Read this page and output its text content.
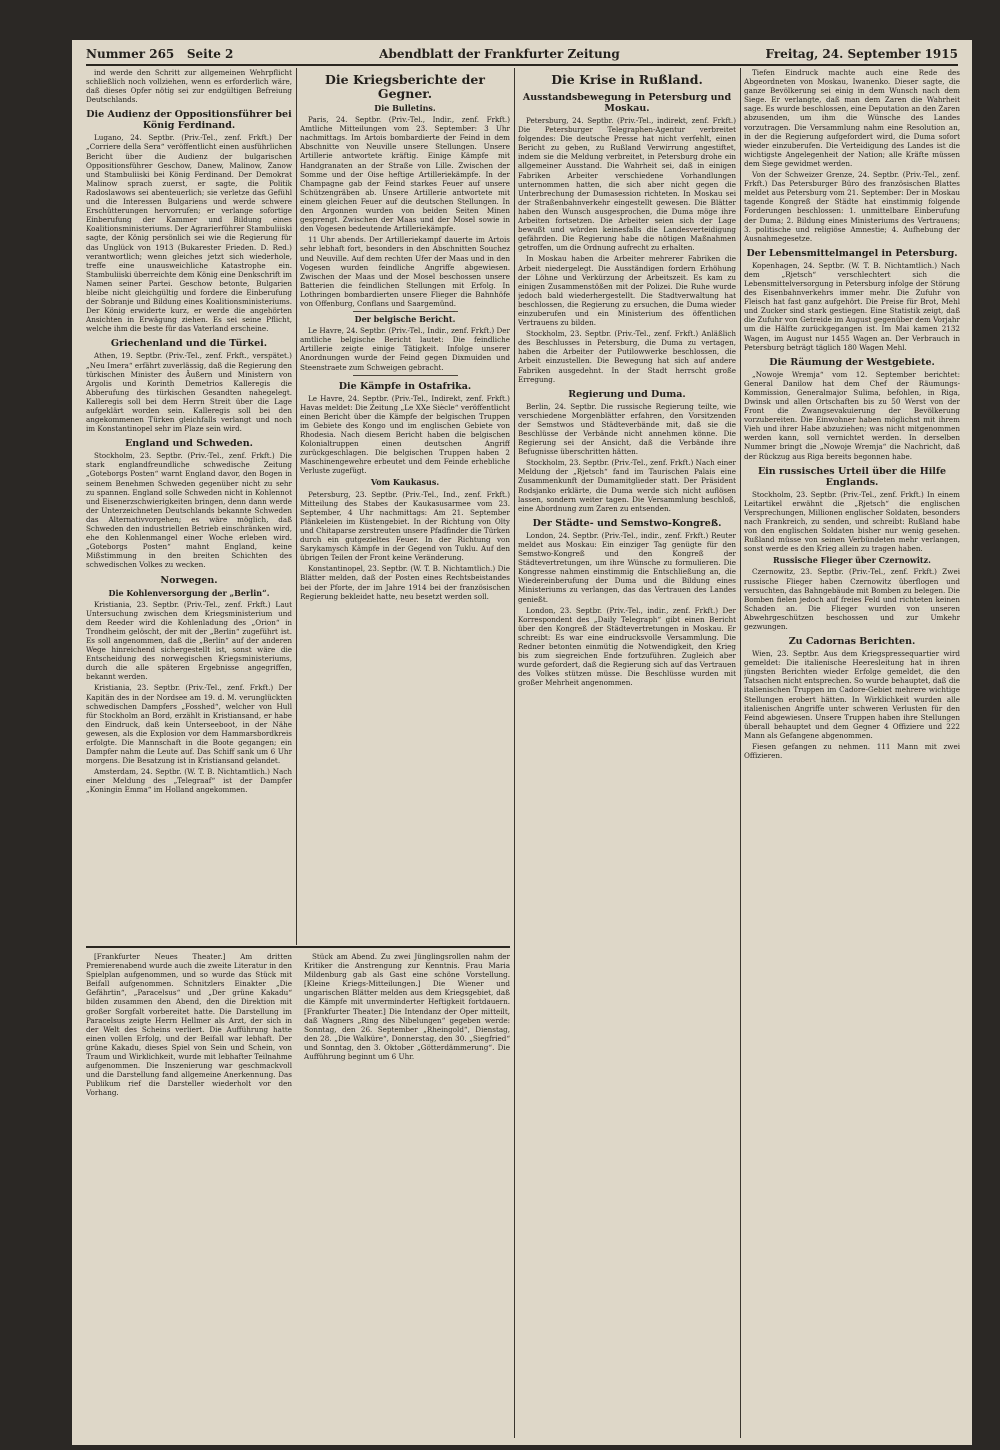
Nummer 265 Seite 2	Abendblatt der Frankfurter Zeitung	Freitag, 24. September 1915

ind werde den Schritt zur allgemeinen Wehrpflicht schließlich noch vollziehen, wenn es erforderlich wäre, daß dieses Opfer nötig sei zur endgültigen Befreiung Deutschlands.

Die Audienz der Oppositionsführer bei König Ferdinand.

Lugano, 24. Septbr. (Priv.-Tel., zenf. Frkft.) Der „Corriere della Sera“ veröffentlicht einen ausführlichen Bericht über die Audienz der bulgarischen Oppositionsführer Geschow, Danew, Malinow, Zanow und Stambuliiski bei König Ferdinand. Der Demokrat Malinow sprach zuerst, er sagte, die Politik Radoslawows sei abenteuerlich; sie verletze das Gefühl und die Interessen Bulgariens und werde schwere Erschütterungen hervorrufen; er verlange sofortige Einberufung der Kammer und Bildung eines Koalitionsministeriums. Der Agrarierführer Stambuliiski sagte, der König persönlich sei wie die Regierung für das Unglück von 1913 (Bukarester Frieden. D. Red.) verantwortlich; wenn gleiches jetzt sich wiederhole, treffe eine unausweichliche Katastrophe ein. Stambuliiski überreichte dem König eine Denkschrift im Namen seiner Partei. Geschow betonte, Bulgarien bleibe nicht gleichgültig und fordere die Einberufung der Sobranje und Bildung eines Koalitionsministeriums. Der König erwiderte kurz, er werde die angehörten Ansichten in Erwägung ziehen. Es sei seine Pflicht, welche ihm die beste für das Vaterland erscheine.

Griechenland und die Türkei.

Athen, 19. Septbr. (Priv.-Tel., zenf. Frkft., verspätet.) „Neu Imera“ erfährt zuverlässig, daß die Regierung den türkischen Minister des Äußern und Ministern von Argolis und Korinth Demetrios Kalleregis die Abberufung des türkischen Gesandten nahegelegt. Kalleregis soll bei dem Herrn Streit über die Lage aufgeklärt worden sein. Kalleregis soll bei den angekommenen Türken gleichfalls verlangt und noch im Konstantinopel sehr im Plaze sein wird.

England und Schweden.

Stockholm, 23. Septbr. (Priv.-Tel., zenf. Frkft.) Die stark englandfreundliche schwedische Zeitung „Goteborgs Posten“ warnt England davor, den Bogen in seinem Benehmen Schweden gegenüber nicht zu sehr zu spannen. England solle Schweden nicht in Kohlennot und Eisenerzschwierigkeiten bringen, denn dann werde der Unterzeichneten Deutschlands bekannte Schweden das Alternativvorgehen; es wäre möglich, daß Schweden den industriellen Betrieb einschränken wird, ehe den Kohlenmangel einer Woche erleben wird. „Goteborgs Posten“ mahnt England, keine Mißstimmung in den breiten Schichten des schwedischen Volkes zu wecken.

Norwegen.
Die Kohlenversorgung der „Berlin“.

Kristiania, 23. Septbr. (Priv.-Tel., zenf. Frkft.) Laut Untersuchung zwischen dem Kriegsministerium und dem Reeder wird die Kohlenladung des „Orion“ in Trondheim gelöscht, der mit der „Berlin“ zugeführt ist. Es soll angenommen, daß die „Berlin“ auf der anderen Wege hinreichend sichergestellt ist, sonst wäre die Entscheidung des norwegischen Kriegsministeriums, durch die alle späteren Ergebnisse angegriffen, bekannt werden.

Kristiania, 23. Septbr. (Priv.-Tel., zenf. Frkft.) Der Kapitän des in der Nordsee am 19. d. M. verunglückten schwedischen Dampfers „Fosshed“, welcher von Hull für Stockholm an Bord, erzählt in Kristiansand, er habe den Eindruck, daß kein Unterseeboot, in der Nähe gewesen, als die Explosion vor dem Hammarsbordkreis erfolgte. Die Mannschaft in die Boote gegangen; ein Dampfer nahm die Leute auf. Das Schiff sank um 6 Uhr morgens. Die Besatzung ist in Kristiansand gelandet.

Amsterdam, 24. Septbr. (W. T. B. Nichtamtlich.) Nach einer Meldung des „Telegraaf“ ist der Dampfer „Koningin Emma“ im Holland angekommen.

Die Kriegsberichte der Gegner.
Die Bulletins.

Paris, 24. Septbr. (Priv.-Tel., Indir., zenf. Frkft.) Amtliche Mitteilungen vom 23. September: 3 Uhr nachmittags. Im Artois bombardierte der Feind in dem Abschnitte von Neuville unsere Stellungen. Unsere Artillerie antwortete kräftig. Einige Kämpfe mit Handgranaten an der Straße von Lille. Zwischen der Somme und der Oise heftige Artilleriekämpfe. In der Champagne gab der Feind starkes Feuer auf unsere Schützengräben ab. Unsere Artillerie antwortete mit einem gleichen Feuer auf die deutschen Stellungen. In den Argonnen wurden von beiden Seiten Minen gesprengt. Zwischen der Maas und der Mosel sowie in den Vogesen bedeutende Artilleriekämpfe.

11 Uhr abends. Der Artilleriekampf dauerte im Artois sehr lebhaft fort, besonders in den Abschnitten Souchez und Neuville. Auf dem rechten Ufer der Maas und in den Vogesen wurden feindliche Angriffe abgewiesen. Zwischen der Maas und der Mosel beschossen unsere Batterien die feindlichen Stellungen mit Erfolg. In Lothringen bombardierten unsere Flieger die Bahnhöfe von Offenburg, Conflans und Saargemünd.

Der belgische Bericht.

Le Havre, 24. Septbr. (Priv.-Tel., Indir., zenf. Frkft.) Der amtliche belgische Bericht lautet: Die feindliche Artillerie zeigte einige Tätigkeit. Infolge unserer Anordnungen wurde der Feind gegen Dixmuiden und Steenstraete zum Schweigen gebracht.

Die Kämpfe in Ostafrika.

Le Havre, 24. Septbr. (Priv.-Tel., Indirekt, zenf. Frkft.) Havas meldet: Die Zeitung „Le XXe Siècle“ veröffentlicht einen Bericht über die Kämpfe der belgischen Truppen im Gebiete des Kongo und im englischen Gebiete von Rhodesia. Nach diesem Bericht haben die belgischen Kolonialtruppen einen deutschen Angriff zurückgeschlagen. Die belgischen Truppen haben 2 Maschinengewehre erbeutet und dem Feinde erhebliche Verluste zugefügt.

Vom Kaukasus.

Petersburg, 23. Septbr. (Priv.-Tel., Ind., zenf. Frkft.) Mitteilung des Stabes der Kaukasusarmee vom 23. September, 4 Uhr nachmittags: Am 21. September Plänkeleien im Küstengebiet. In der Richtung von Olty und Chitaparse zerstreuten unsere Pfadfinder die Türken durch ein gutgezieltes Feuer. In der Richtung von Sarykamysch Kämpfe in der Gegend von Tuklu. Auf den übrigen Teilen der Front keine Veränderung.

Konstantinopel, 23. Septbr. (W. T. B. Nichtamtlich.) Die Blätter melden, daß der Posten eines Rechtsbeistandes bei der Pforte, der im Jahre 1914 bei der französischen Regierung bekleidet hatte, neu besetzt werden soll.

[Frankfurter Neues Theater.] Am dritten Premierenabend wurde auch die zweite Literatur in den Spielplan aufgenommen, und so wurde das Stück mit Beifall aufgenommen. Schnitzlers Einakter „Die Gefährtin“, „Paracelsus“ und „Der grüne Kakadu“ bilden zusammen den Abend, den die Direktion mit großer Sorgfalt vorbereitet hatte. Die Darstellung im Paracelsus zeigte Herrn Hellmer als Arzt, der sich in der Welt des Scheins verliert. Die Aufführung hatte einen vollen Erfolg, und der Beifall war lebhaft. Der grüne Kakadu, dieses Spiel von Sein und Schein, von Traum und Wirklichkeit, wurde mit lebhafter Teilnahme aufgenommen. Die Inszenierung war geschmackvoll und die Darstellung fand allgemeine Anerkennung. Das Publikum rief die Darsteller wiederholt vor den Vorhang.

Stück am Abend. Zu zwei Jünglingsrollen nahm der Kritiker die Anstrengung zur Kenntnis. Frau Maria Mildenburg gab als Gast eine schöne Vorstellung. [Kleine Kriegs-Mitteilungen.] Die Wiener und ungarischen Blätter melden aus dem Kriegsgebiet, daß die Kämpfe mit unverminderter Heftigkeit fortdauern. [Frankfurter Theater.] Die Intendanz der Oper mitteilt, daß Wagners „Ring des Nibelungen“ gegeben werde: Sonntag, den 26. September „Rheingold“, Dienstag, den 28. „Die Walküre“, Donnerstag, den 30. „Siegfried“ und Sonntag, den 3. Oktober „Götterdämmerung“. Die Aufführung beginnt um 6 Uhr.

Die Krise in Rußland.
Ausstandsbewegung in Petersburg und Moskau.

Petersburg, 24. Septbr. (Priv.-Tel., indirekt, zenf. Frkft.) Die Petersburger Telegraphen-Agentur verbreitet folgendes: Die deutsche Presse hat nicht verfehlt, einen Bericht zu geben, zu Rußland Verwirrung angestiftet, indem sie die Meldung verbreitet, in Petersburg drohe ein allgemeiner Ausstand. Die Wahrheit sei, daß in einigen Fabriken Arbeiter verschiedene Vorhandlungen unternommen hatten, die sich aber nicht gegen die Unterbrechung der Dumasession richteten. In Moskau sei der Straßenbahnverkehr eingestellt gewesen. Die Blätter haben den Wunsch ausgesprochen, die Duma möge ihre Arbeiten fortsetzen. Die Arbeiter seien sich der Lage bewußt und würden keinesfalls die Landesverteidigung gefährden. Die Regierung habe die nötigen Maßnahmen getroffen, um die Ordnung aufrecht zu erhalten.

In Moskau haben die Arbeiter mehrerer Fabriken die Arbeit niedergelegt. Die Ausständigen fordern Erhöhung der Löhne und Verkürzung der Arbeitszeit. Es kam zu einigen Zusammenstößen mit der Polizei. Die Ruhe wurde jedoch bald wiederhergestellt. Die Stadtverwaltung hat beschlossen, die Regierung zu ersuchen, die Duma wieder einzuberufen und ein Ministerium des öffentlichen Vertrauens zu bilden.

Stockholm, 23. Septbr. (Priv.-Tel., zenf. Frkft.) Anläßlich des Beschlusses in Petersburg, die Duma zu vertagen, haben die Arbeiter der Putilowwerke beschlossen, die Arbeit einzustellen. Die Bewegung hat sich auf andere Fabriken ausgedehnt. In der Stadt herrscht große Erregung.

Regierung und Duma.

Berlin, 24. Septbr. Die russische Regierung teilte, wie verschiedene Morgenblätter erfahren, den Vorsitzenden der Semstwos und Städteverbände mit, daß sie die Beschlüsse der Verbände nicht annehmen könne. Die Regierung sei der Ansicht, daß die Verbände ihre Befugnisse überschritten hätten.

Stockholm, 23. Septbr. (Priv.-Tel., zenf. Frkft.) Nach einer Meldung der „Rjetsch“ fand im Taurischen Palais eine Zusammenkunft der Dumamitglieder statt. Der Präsident Rodsjanko erklärte, die Duma werde sich nicht auflösen lassen, sondern weiter tagen. Die Versammlung beschloß, eine Abordnung zum Zaren zu entsenden.

Der Städte- und Semstwo-Kongreß.

London, 24. Septbr. (Priv.-Tel., indir., zenf. Frkft.) Reuter meldet aus Moskau: Ein einziger Tag genügte für den Semstwo-Kongreß und den Kongreß der Städtevertretungen, um ihre Wünsche zu formulieren. Die Kongresse nahmen einstimmig die Entschließung an, die Wiedereinberufung der Duma und die Bildung eines Ministeriums zu verlangen, das das Vertrauen des Landes genießt.

London, 23. Septbr. (Priv.-Tel., indir., zenf. Frkft.) Der Korrespondent des „Daily Telegraph“ gibt einen Bericht über den Kongreß der Städtevertretungen in Moskau. Er schreibt: Es war eine eindrucksvolle Versammlung. Die Redner betonten einmütig die Notwendigkeit, den Krieg bis zum siegreichen Ende fortzuführen. Zugleich aber wurde gefordert, daß die Regierung sich auf das Vertrauen des Volkes stützen müsse. Die Beschlüsse wurden mit großer Mehrheit angenommen.

Tiefen Eindruck machte auch eine Rede des Abgeordneten von Moskau, Iwanenko. Dieser sagte, die ganze Bevölkerung sei einig in dem Wunsch nach dem Siege. Er verlangte, daß man dem Zaren die Wahrheit sage. Es wurde beschlossen, eine Deputation an den Zaren abzusenden, um ihm die Wünsche des Landes vorzutragen. Die Versammlung nahm eine Resolution an, in der die Regierung aufgefordert wird, die Duma sofort wieder einzuberufen. Die Verteidigung des Landes ist die wichtigste Angelegenheit der Nation; alle Kräfte müssen dem Siege gewidmet werden.

Von der Schweizer Grenze, 24. Septbr. (Priv.-Tel., zenf. Frkft.) Das Petersburger Büro des französischen Blattes meldet aus Petersburg vom 21. September: Der in Moskau tagende Kongreß der Städte hat einstimmig folgende Forderungen beschlossen: 1. unmittelbare Einberufung der Duma; 2. Bildung eines Ministeriums des Vertrauens; 3. politische und religiöse Amnestie; 4. Aufhebung der Ausnahmegesetze.

Der Lebensmittelmangel in Petersburg.

Kopenhagen, 24. Septbr. (W. T. B. Nichtamtlich.) Nach dem „Rjetsch“ verschlechtert sich die Lebensmittelversorgung in Petersburg infolge der Störung des Eisenbahnverkehrs immer mehr. Die Zufuhr von Fleisch hat fast ganz aufgehört. Die Preise für Brot, Mehl und Zucker sind stark gestiegen. Eine Statistik zeigt, daß die Zufuhr von Getreide im August gegenüber dem Vorjahr um die Hälfte zurückgegangen ist. Im Mai kamen 2132 Wagen, im August nur 1455 Wagen an. Der Verbrauch in Petersburg beträgt täglich 180 Wagen Mehl.

Die Räumung der Westgebiete.

„Nowoje Wremja“ vom 12. September berichtet: General Danilow hat dem Chef der Räumungs-Kommission, Generalmajor Sulima, befohlen, in Riga, Dwinsk und allen Ortschaften bis zu 50 Werst von der Front die Zwangsevakuierung der Bevölkerung vorzubereiten. Die Einwohner haben möglichst mit ihrem Vieh und ihrer Habe abzuziehen; was nicht mitgenommen werden kann, soll vernichtet werden. In derselben Nummer bringt die „Nowoje Wremja“ die Nachricht, daß der Rückzug aus Riga bereits begonnen habe.

Ein russisches Urteil über die Hilfe Englands.

Stockholm, 23. Septbr. (Priv.-Tel., zenf. Frkft.) In einem Leitartikel erwähnt die „Rjetsch“ die englischen Versprechungen, Millionen englischer Soldaten, besonders nach Frankreich, zu senden, und schreibt: Rußland habe von den englischen Soldaten bisher nur wenig gesehen. Rußland müsse von seinen Verbündeten mehr verlangen, sonst werde es den Krieg allein zu tragen haben.

Russische Flieger über Czernowitz.

Czernowitz, 23. Septbr. (Priv.-Tel., zenf. Frkft.) Zwei russische Flieger haben Czernowitz überflogen und versuchten, das Bahngebäude mit Bomben zu belegen. Die Bomben fielen jedoch auf freies Feld und richteten keinen Schaden an. Die Flieger wurden von unseren Abwehrgeschützen beschossen und zur Umkehr gezwungen.

Zu Cadornas Berichten.

Wien, 23. Septbr. Aus dem Kriegspressequartier wird gemeldet: Die italienische Heeresleitung hat in ihren jüngsten Berichten wieder Erfolge gemeldet, die den Tatsachen nicht entsprechen. So wurde behauptet, daß die italienischen Truppen im Cadore-Gebiet mehrere wichtige Stellungen erobert hätten. In Wirklichkeit wurden alle italienischen Angriffe unter schweren Verlusten für den Feind abgewiesen. Unsere Truppen haben ihre Stellungen überall behauptet und dem Gegner 4 Offiziere und 222 Mann als Gefangene abgenommen.

Fiesen gefangen zu nehmen. 111 Mann mit zwei Offizieren.
